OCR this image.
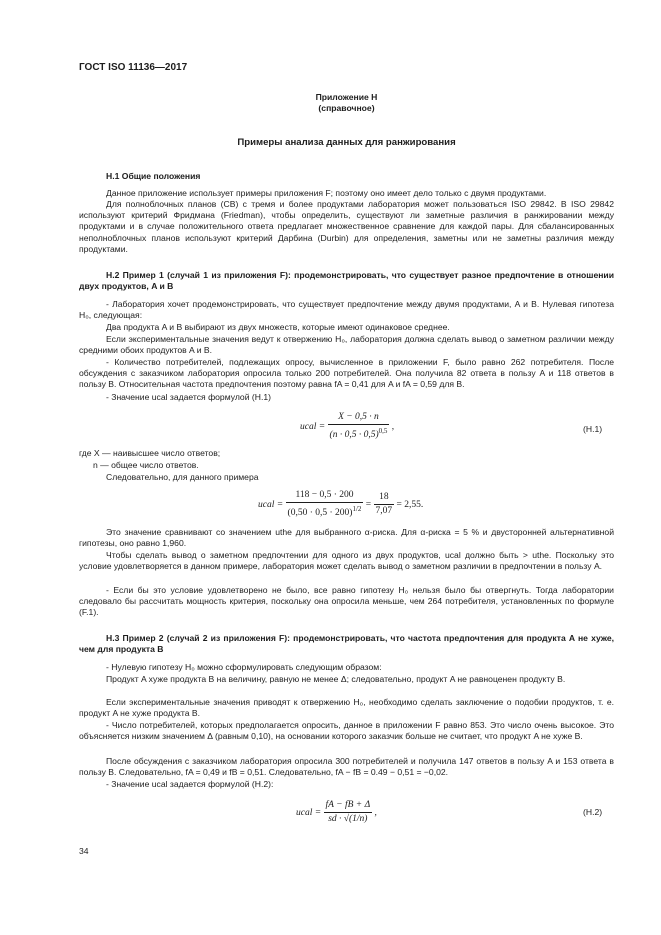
ГОСТ ISO 11136—2017
Приложение Н
(справочное)
Примеры анализа данных для ранжирования
Н.1 Общие положения

Данное приложение использует примеры приложения F; поэтому оно имеет дело только с двумя продуктами.

Для полноблочных планов (CB) с тремя и более продуктами лаборатория может пользоваться ISO 29842. В ISO 29842 используют критерий Фридмана (Friedman), чтобы определить, существуют ли заметные различия в ранжировании между продуктами и в случае положительного ответа предлагает множественное сравнение для каждой пары. Для сбалансированных неполноблочных планов используют критерий Дарбина (Durbin) для определения, заметны или не заметны различия между продуктами.

Н.2 Пример 1 (случай 1 из приложения F): продемонстрировать, что существует разное предпочтение в отношении двух продуктов, A и B

- Лаборатория хочет продемонстрировать, что существует предпочтение между двумя продуктами, A и B. Нулевая гипотеза H₀, следующая:

Два продукта A и B выбирают из двух множеств, которые имеют одинаковое среднее.

Если экспериментальные значения ведут к отвержению H₀, лаборатория должна сделать вывод о заметном различии между средними обоих продуктов A и B.

- Количество потребителей, подлежащих опросу, вычисленное в приложении F, было равно 262 потребителя. После обсуждения с заказчиком лаборатория опросила только 200 потребителей. Она получила 82 ответа в пользу A и 118 ответов в пользу B. Относительная частота предпочтения поэтому равна fA = 0,41 для A и fA = 0,59 для B.

- Значение ucal задается формулой (Н.1)

ucal = $\frac{X - 0,5 \cdot n}{(n \cdot 0,5 \cdot 0,5)^{0,5}}$ ,	(Н.1)
где X — наивысшее число ответов;
n — общее число ответов.
Следовательно, для данного примера
ucal = $\frac{118 - 0,5 \cdot 200}{(0,50 \cdot 0,5 \cdot 200)^{1/2}} = \frac{18}{7,07} = 2,55$.

Это значение сравнивают со значением uthe для выбранного α-риска. Для α-риска = 5 % и двусторонней альтернативной гипотезы, оно равно 1,960.

Чтобы сделать вывод о заметном предпочтении для одного из двух продуктов, ucal должно быть > uthe. Поскольку это условие удовлетворяется в данном примере, лаборатория может сделать вывод о заметном различии в предпочтении в пользу A.

- Если бы это условие удовлетворено не было, все равно гипотезу H₀ нельзя было бы отвергнуть. Тогда лаборатории следовало бы рассчитать мощность критерия, поскольку она опросила меньше, чем 264 потребителя, установленных по формуле (F.1).

Н.3 Пример 2 (случай 2 из приложения F): продемонстрировать, что частота предпочтения для продукта A не хуже, чем для продукта B

- Нулевую гипотезу H₀ можно сформулировать следующим образом:

Продукт A хуже продукта B на величину, равную не менее Δ; следовательно, продукт A не равноценен продукту B.

Если экспериментальные значения приводят к отвержению H₀, необходимо сделать заключение о подобии продуктов, т. е. продукт A не хуже продукта B.

- Число потребителей, которых предполагается опросить, данное в приложении F равно 853. Это число очень высокое. Это объясняется низким значением Δ (равным 0,10), на основании которого заказчик больше не считает, что продукт A не хуже B.

После обсуждения с заказчиком лаборатория опросила 300 потребителей и получила 147 ответов в пользу A и 153 ответа в пользу B. Следовательно, fA = 0,49 и fB = 0,51. Следовательно, fA − fB = 0.49 − 0,51 = −0,02.

- Значение ucal задается формулой (Н.2):

ucal = $\frac{fA - fB + \Delta}{sd \cdot √(1/n)}$ ,	(Н.2)
34
